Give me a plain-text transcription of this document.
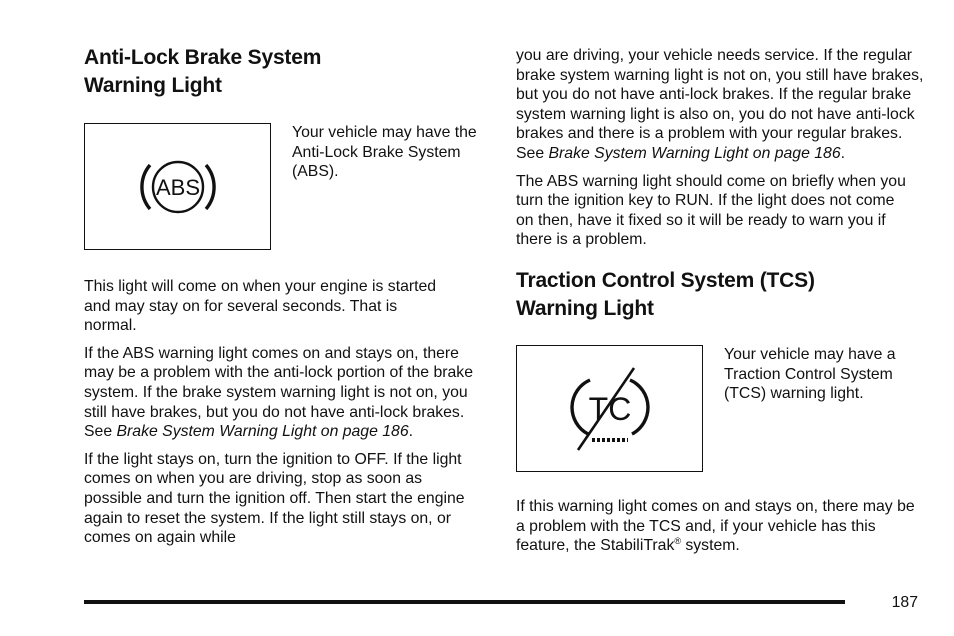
Anti-Lock Brake System
Warning Light
ABS

Your vehicle may have the Anti-Lock Brake System (ABS).

This light will come on when your engine is started and may stay on for several seconds. That is normal.

If the ABS warning light comes on and stays on, there may be a problem with the anti-lock portion of the brake system. If the brake system warning light is not on, you still have brakes, but you do not have anti-lock brakes. See Brake System Warning Light on page 186.

If the light stays on, turn the ignition to OFF. If the light comes on when you are driving, stop as soon as possible and turn the ignition off. Then start the engine again to reset the system. If the light still stays on, or comes on again while

you are driving, your vehicle needs service. If the regular brake system warning light is not on, you still have brakes, but you do not have anti-lock brakes. If the regular brake system warning light is also on, you do not have anti-lock brakes and there is a problem with your regular brakes. See Brake System Warning Light on page 186.

The ABS warning light should come on briefly when you turn the ignition key to RUN. If the light does not come on then, have it fixed so it will be ready to warn you if there is a problem.

Traction Control System (TCS)
Warning Light
TC

Your vehicle may have a Traction Control System (TCS) warning light.

If this warning light comes on and stays on, there may be a problem with the TCS and, if your vehicle has this feature, the StabiliTrak® system.

187
